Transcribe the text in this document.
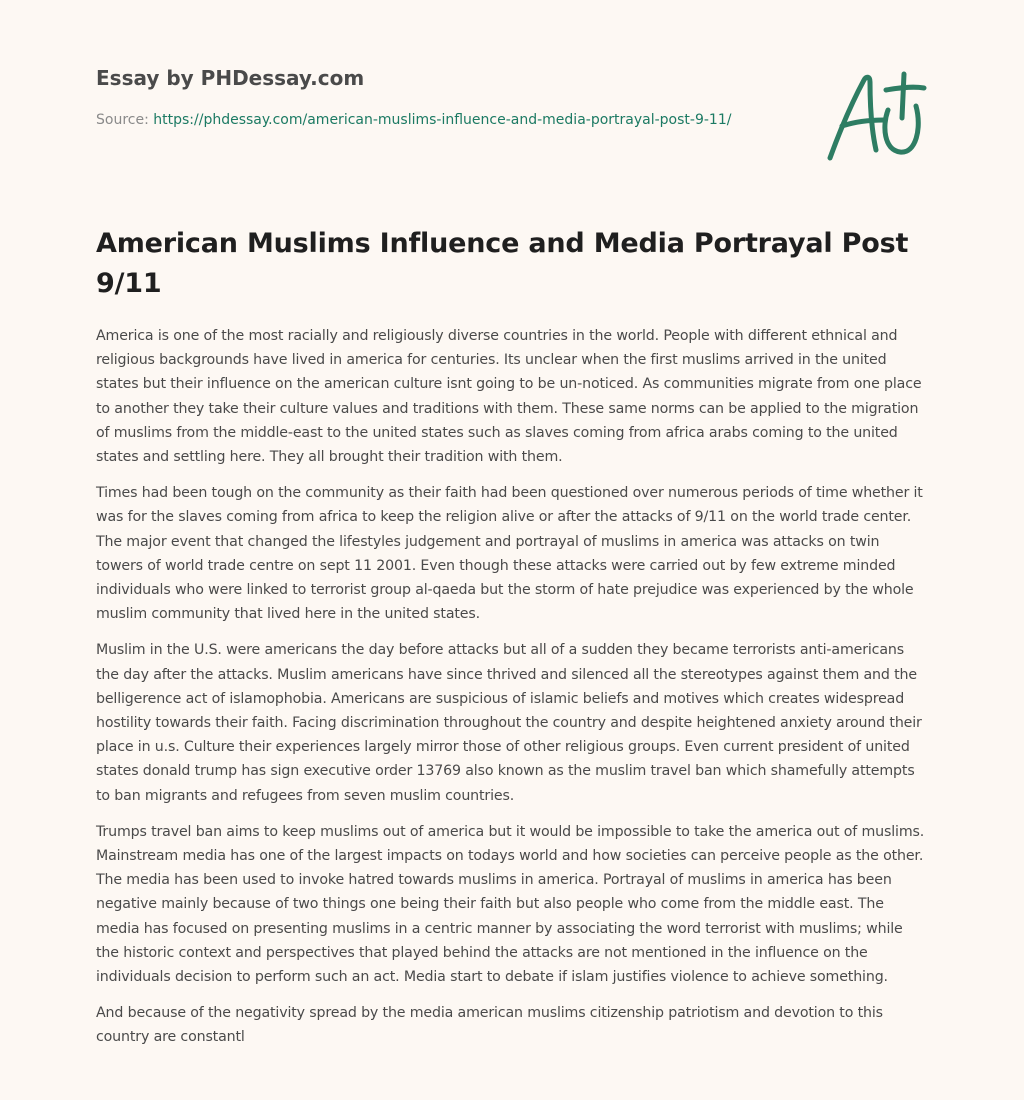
Essay by PHDessay.com
Source: https://phdessay.com/american-muslims-influence-and-media-portrayal-post-9-11/
American Muslims Influence and Media Portrayal Post 9/11

America is one of the most racially and religiously diverse countries in the world. People with different ethnical and religious backgrounds have lived in america for centuries. Its unclear when the first muslims arrived in the united states but their influence on the american culture isnt going to be un-noticed. As communities migrate from one place to another they take their culture values and traditions with them. These same norms can be applied to the migration of muslims from the middle-east to the united states such as slaves coming from africa arabs coming to the united states and settling here. They all brought their tradition with them.

Times had been tough on the community as their faith had been questioned over numerous periods of time whether it was for the slaves coming from africa to keep the religion alive or after the attacks of 9/11 on the world trade center. The major event that changed the lifestyles judgement and portrayal of muslims in america was attacks on twin towers of world trade centre on sept 11 2001. Even though these attacks were carried out by few extreme minded individuals who were linked to terrorist group al-qaeda but the storm of hate prejudice was experienced by the whole muslim community that lived here in the united states.

Muslim in the U.S. were americans the day before attacks but all of a sudden they became terrorists anti-americans the day after the attacks. Muslim americans have since thrived and silenced all the stereotypes against them and the belligerence act of islamophobia. Americans are suspicious of islamic beliefs and motives which creates widespread hostility towards their faith. Facing discrimination throughout the country and despite heightened anxiety around their place in u.s. Culture their experiences largely mirror those of other religious groups. Even current president of united states donald trump has sign executive order 13769 also known as the muslim travel ban which shamefully attempts to ban migrants and refugees from seven muslim countries.

Trumps travel ban aims to keep muslims out of america but it would be impossible to take the america out of muslims. Mainstream media has one of the largest impacts on todays world and how societies can perceive people as the other. The media has been used to invoke hatred towards muslims in america. Portrayal of muslims in america has been negative mainly because of two things one being their faith but also people who come from the middle east. The media has focused on presenting muslims in a centric manner by associating the word terrorist with muslims; while the historic context and perspectives that played behind the attacks are not mentioned in the influence on the individuals decision to perform such an act. Media start to debate if islam justifies violence to achieve something.

And because of the negativity spread by the media american muslims citizenship patriotism and devotion to this country are constantl
